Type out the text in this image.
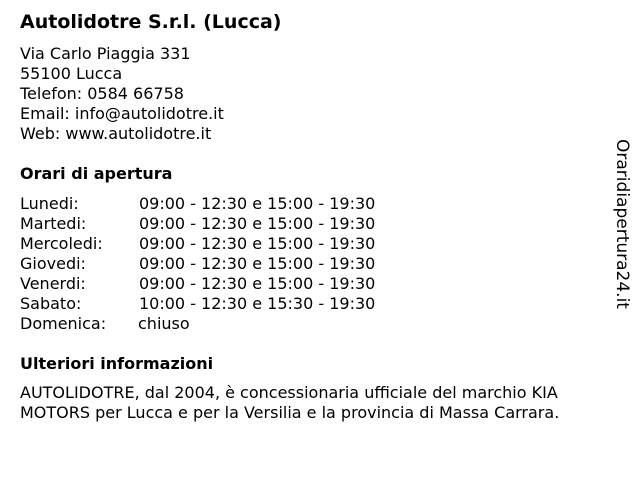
Autolidotre S.r.l. (Lucca)
Via Carlo Piaggia 331
55100 Lucca
Telefon: 0584 66758
Email: info@autolidotre.it
Web: www.autolidotre.it
Orari di apertura
Lunedi:	09:00 - 12:30 e 15:00 - 19:30
Martedi:	09:00 - 12:30 e 15:00 - 19:30
Mercoledi: 09:00 - 12:30 e 15:00 - 19:30
Giovedi:	09:00 - 12:30 e 15:00 - 19:30
Venerdi:	09:00 - 12:30 e 15:00 - 19:30
Sabato:	10:00 - 12:30 e 15:30 - 19:30
Domenica: chiuso
Ulteriori informazioni
AUTOLIDOTRE, dal 2004, è concessionaria ufficiale del marchio KIA MOTORS per Lucca e per la Versilia e la provincia di Massa Carrara.
Oraridiapertura24.it
